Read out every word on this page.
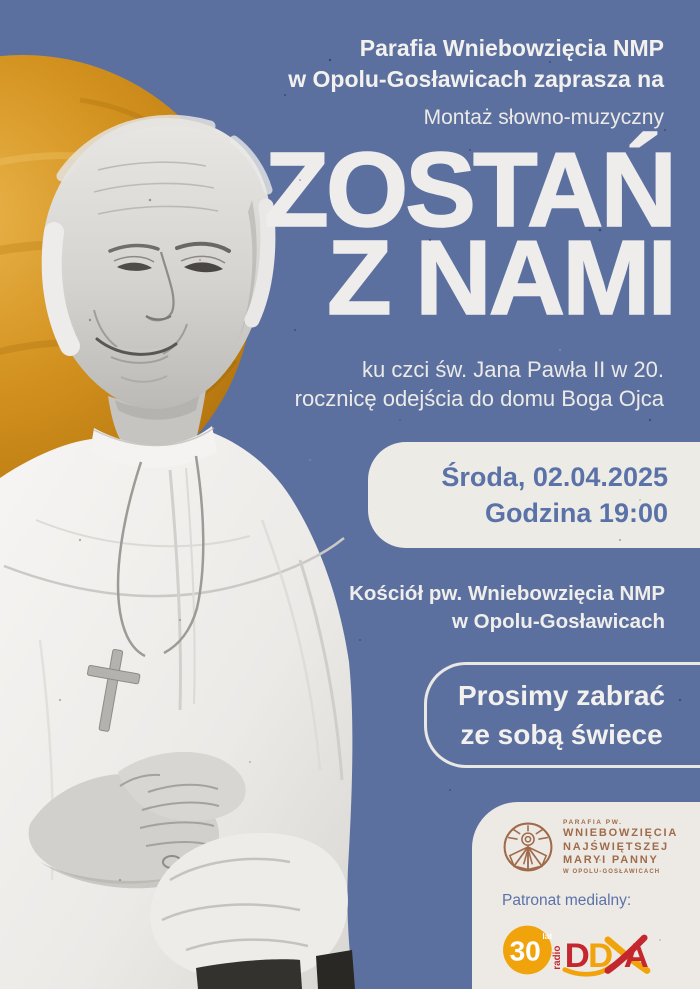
Parafia Wniebowzięcia NMP
w Opolu-Gosławicach zaprasza na
Montaż słowno-muzyczny
ZOSTAŃ
Z NAMI
ku czci św. Jana Pawła II w 20.
rocznicę odejścia do domu Boga Ojca
Środa, 02.04.2025
Godzina 19:00
Kościół pw. Wniebowzięcia NMP
w Opolu-Gosławicach
Prosimy zabrać
ze sobą świece
PARAFIA PW.
WNIEBOWZIĘCIA
NAJŚWIĘTSZEJ
MARYI PANNY
W OPOLU-GOSŁAWICACH
Patronat medialny:
30 lat
radio D
D A
